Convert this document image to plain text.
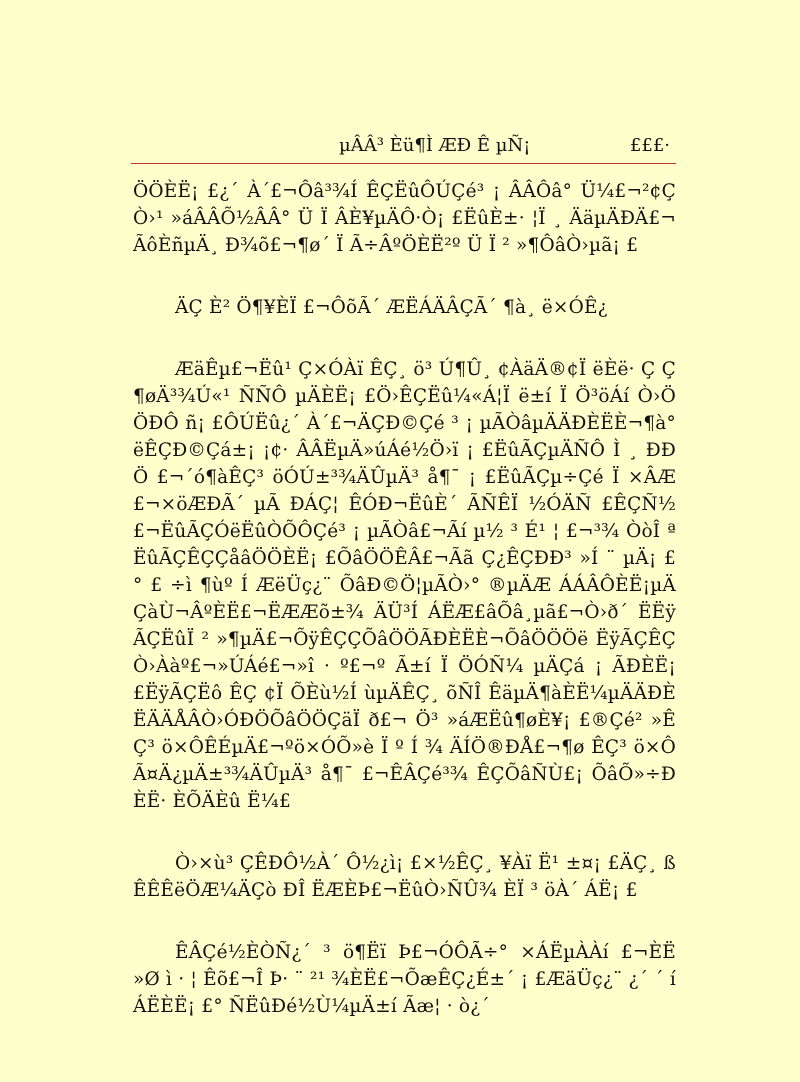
µÂÂ³ Èü¶Ì ÆÐ Ê µÑ¡	£££·

ÖÖÈË¡ £¿´ À´£¬Ôâ³¾Í ÊÇËûÔÚÇé³ ¡ ÂÂÔâ° Ü¼£¬²¢ÇÒ›¹ »áÂÂÕ½ÂÂ° Ü Ï ÂÈ¥µÄÔ·Ò¡ £ËûÈ±· ¦Ï ¸ ÄäµÄÐÄ£¬ÃôÈñµÄ¸ Ð¾õ£¬¶ø´ Ï Ã÷ÂºÖÈË²º Ü Ï ² »¶ÔâÒ›µã¡ £

ÄÇ È² Ö¶¥ÈÏ £¬ÔõÃ´ ÆËÁÄÂÇÃ´ ¶à¸ ë×ÓÊ¿

ÆäÊµ£¬Ëû¹ Ç×ÓÀï ÊÇ¸ ö³ Ú¶Û¸ ¢ÀäÄ®¢Ï ëÈë· Ç Ç¶øÄ³¾Ú«¹ ÑÑÔ µÄÈË¡ £Ö›ÊÇËû¼«Á¦Ï ë±í Ï Ö³öÁí Ò›ÖÖÐÔ ñ¡ £ÔÚËû¿´ À´£¬ÄÇÐ©Çé ³ ¡ µÃÒâµÄÄÐÈËÈ¬¶à° ëÊÇÐ©Çá±¡ ¡¢· ÂÂËµÄ»úÁé½Ö›ï ¡ £ËûÃÇµÄÑÔ Ì ¸ ÐÐÖ £¬´ó¶àÊÇ³ öÓÚ±³¾ÄÛµÄ³ å¶¯ ¡ £ËûÃÇµ÷Çé Ï ×ÂÆ£¬×öÆÐÃ´ µÃ ÐÁÇ¦ ÊÓÐ¬ËûÈ´ ÃÑÊÏ ½ÓÄÑ £ÊÇÑ½£¬ËûÃÇÓëËûÒÕÔÇé³ ¡ µÃÒâ£¬Ãí µ½ ³ É¹ ¦ £¬³¾ ÒòÎ ª ËûÃÇÊÇÇåâÖÖÈË¡ £ÕâÖÖÊÂ£¬Ãã Ç¿ÊÇÐÐ³ »Í ¨ µÄ¡ £° £ ÷ì ¶ùº Í ÆëÜç¿¨ ÕâÐ©Ö¦µÃÒ›° ®µÄÆ ÁÁÂÔÈË¡µÄÇàÙ¬ÂºÈË£¬ËÆÆõ±¾ ÄÜ³Í ÁËÆ£âÕâ¸µã£¬Ò›ð´ ËËÿÃÇËûÏ ² »¶µÄ£¬ÕÿÊÇÇÕâÖÖÃÐÈËÈ¬ÕâÖÖÖë ËÿÃÇÊÇÒ›Ààº£¬»ÚÁé£¬»î · º£¬º Ã±í Ï ÖÓÑ¼ µÄÇá ¡ ÃÐÈË¡ £ËÿÃÇËô ÊÇ ¢Ï ÕÈù½Í ùµÄÊÇ¸ õÑÎ ÊäµÄ¶àÈË¼µÄÄÐÈËÄÄÅÂÒ›ÓÐÖÕâÖÖÇäÏ ð£¬ Ö³ »áÆËû¶øÈ¥¡ £®Çé² »ÊÇ³ ö×ÔÊÉµÄ£¬ºö×ÓÕ»è Ï º Í ¾ ÄÍÖ®ÐÅ£¬¶ø ÊÇ³ ö×ÔÃ¤Ä¿µÄ±³¾ÄÛµÄ³ å¶¯ £¬ÊÂÇé³¾ ÊÇÕâÑÙ£¡ ÕâÕ»÷ÐÈË· ÈÕÄÈû Ë¼£

Ò›×ù³ ÇÊÐÔ½À´ Ô½¿ì¡ £×½ÊÇ¸ ¥Àï Ë¹ ±¤¡ £ÄÇ¸ ßÊÊÊëÖÆ¼ÄÇò ÐÎ ËÆÈÞ£¬ËûÒ›ÑÛ¾ ÈÏ ³ öÀ´ ÁË¡ £

ÊÂÇé½ÈÒÑ¿´ ³ ö¶Ëï Þ£¬ÓÔÃ÷° ×ÁËµÀÀí £¬ÈË »Ø ì · ¦ Êõ£¬Î Þ· ¨ ²¹ ¾ÈË£¬ÕæÊÇ¿É±´ ¡ £ÆäÜç¿¨ ¿´ ´ í ÁËÈË¡ £° ÑËûÐé½Ù¼µÄ±í Ãæ¦ · ò¿´
